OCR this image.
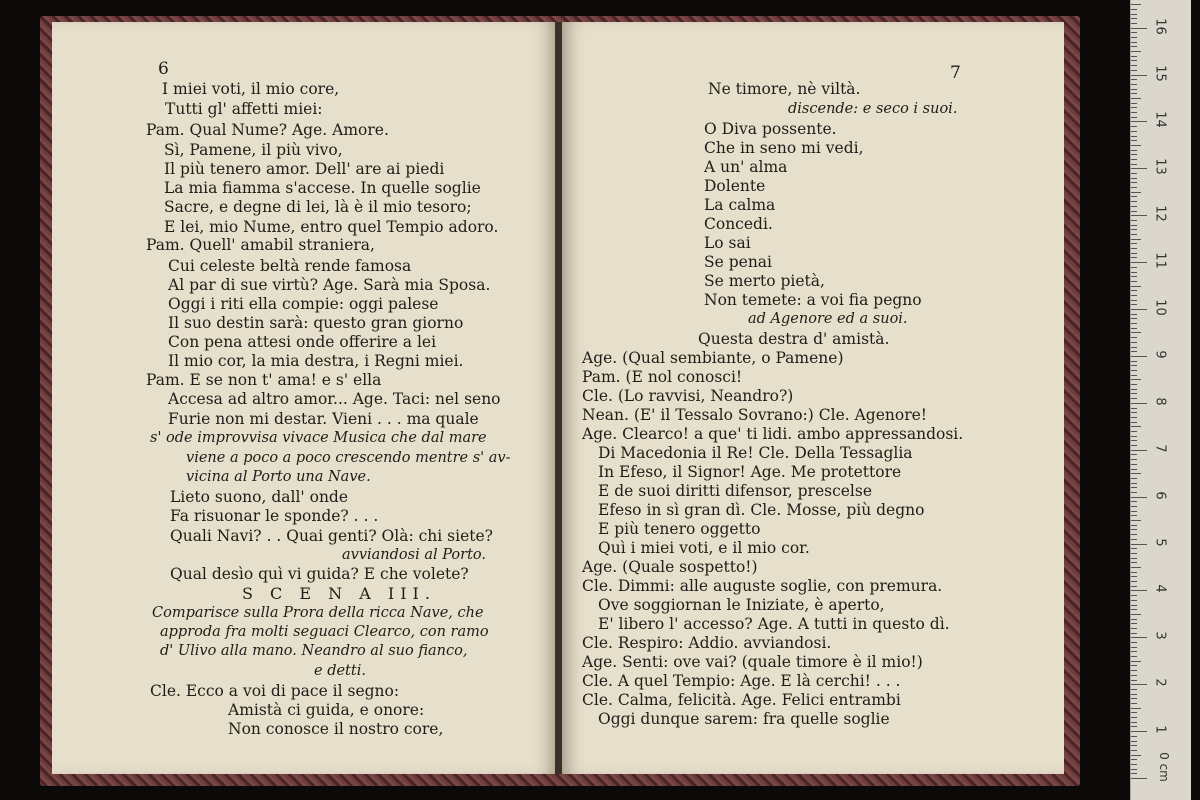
6
I miei voti, il mio core,
Tutti gl' affetti miei:
Pam. Qual Nume? Age. Amore.
Sì, Pamene, il più vivo,
Il più tenero amor. Dell' are ai piedi
La mia fiamma s'accese. In quelle soglie
Sacre, e degne di lei, là è il mio tesoro;
E lei, mio Nume, entro quel Tempio adoro.
Pam. Quell' amabil straniera,
Cui celeste beltà rende famosa
Al par di sue virtù? Age. Sarà mia Sposa.
Oggi i riti ella compie: oggi palese
Il suo destin sarà: questo gran giorno
Con pena attesi onde offerire a lei
Il mio cor, la mia destra, i Regni miei.
Pam. E se non t' ama! e s' ella
Accesa ad altro amor... Age. Taci: nel seno
Furie non mi destar. Vieni . . . ma quale
s' ode improvvisa vivace Musica che dal mare
viene a poco a poco crescendo mentre s' av-
vicina al Porto una Nave.
Lieto suono, dall' onde
Fa risuonar le sponde? . . .
Quali Navi? . . Quai genti? Olà: chi siete?
avviandosi al Porto.
Qual desìo quì vi guida? E che volete?
S C E N A III.
Comparisce sulla Prora della ricca Nave, che
approda fra molti seguaci Clearco, con ramo
d' Ulivo alla mano. Neandro al suo fianco,
e detti.
Cle. Ecco a voi di pace il segno:
Amistà ci guida, e onore:
Non conosce il nostro core,
7
Ne timore, nè viltà.
discende: e seco i suoi.
O Diva possente.
Che in seno mi vedi,
A un' alma
Dolente
La calma
Concedi.
Lo sai
Se penai
Se merto pietà,
Non temete: a voi fia pegno
ad Agenore ed a suoi.
Questa destra d' amistà.
Age. (Qual sembiante, o Pamene)
Pam. (E nol conosci!
Cle. (Lo ravvisi, Neandro?)
Nean. (E' il Tessalo Sovrano:) Cle. Agenore!
Age. Clearco! a que' ti lidi. ambo appressandosi.
Di Macedonia il Re! Cle. Della Tessaglia
In Efeso, il Signor! Age. Me protettore
E de suoi diritti difensor, prescelse
Efeso in sì gran dì. Cle. Mosse, più degno
E più tenero oggetto
Quì i miei voti, e il mio cor.
Age. (Quale sospetto!)
Cle. Dimmi: alle auguste soglie, con premura.
Ove soggiornan le Iniziate, è aperto,
E' libero l' accesso? Age. A tutti in questo dì.
Cle. Respiro: Addio. avviandosi.
Age. Senti: ove vai? (quale timore è il mio!)
Cle. A quel Tempio: Age. E là cerchi! . . .
Cle. Calma, felicità. Age. Felici entrambi
Oggi dunque sarem: fra quelle soglie
0 cm
1
2
3
4
5
6
7
8
9
10
11
12
13
14
15
16
